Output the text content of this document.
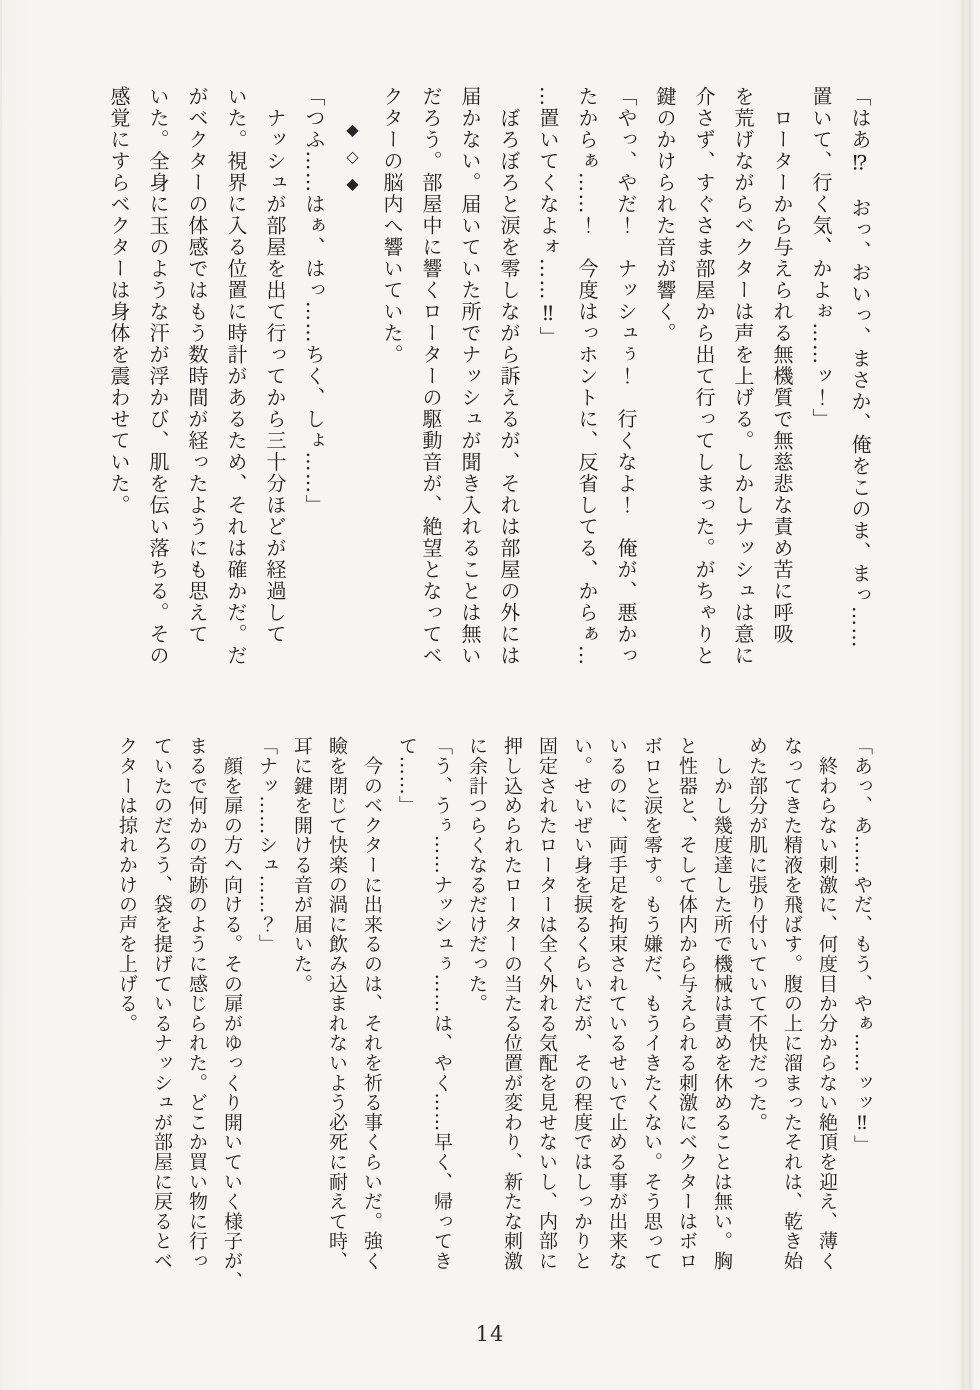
「はあ⁉　おっ、おいっ、まさか、俺をこのま、まっ……

置いて、行く気、かよぉ……ッ！」

　ローターから与えられる無機質で無慈悲な責め苦に呼吸

を荒げながらベクターは声を上げる。しかしナッシュは意に

介さず、すぐさま部屋から出て行ってしまった。がちゃりと

鍵のかけられた音が響く。

「やっ、やだ！　ナッシュぅ！　行くなよ！　俺が、悪かっ

たからぁ……！　今度はっホントに、反省してる、からぁ…

…置いてくなよォ……‼」

　ぼろぼろと涙を零しながら訴えるが、それは部屋の外には

届かない。届いていた所でナッシュが聞き入れることは無い

だろう。部屋中に響くローターの駆動音が、絶望となってベ

クターの脳内へ響いていた。

◆◇◆

「つふ……はぁ、はっ……ちく、しょ……」

　ナッシュが部屋を出て行ってから三十分ほどが経過して

いた。視界に入る位置に時計があるため、それは確かだ。だ

がベクターの体感ではもう数時間が経ったようにも思えて

いた。全身に玉のような汗が浮かび、肌を伝い落ちる。その

感覚にすらベクターは身体を震わせていた。

「あっ、あ……やだ、もう、やぁ……ッッ‼」

　終わらない刺激に、何度目か分からない絶頂を迎え、薄く

なってきた精液を飛ばす。腹の上に溜まったそれは、乾き始

めた部分が肌に張り付いていて不快だった。

　しかし幾度達した所で機械は責めを休めることは無い。胸

と性器と、そして体内から与えられる刺激にベクターはボロ

ボロと涙を零す。もう嫌だ、もうイきたくない。そう思って

いるのに、両手足を拘束されているせいで止める事が出来な

い。せいぜい身を捩るくらいだが、その程度ではしっかりと

固定されたローターは全く外れる気配を見せないし、内部に

押し込められたローターの当たる位置が変わり、新たな刺激

に余計つらくなるだけだった。

「う、うぅ……ナッシュぅ……は、やく……早く、帰ってき

て……」

　今のベクターに出来るのは、それを祈る事くらいだ。強く

瞼を閉じて快楽の渦に飲み込まれないよう必死に耐えて時、

耳に鍵を開ける音が届いた。

「ナッ……シュ……？」

　顔を扉の方へ向ける。その扉がゆっくり開いていく様子が、

まるで何かの奇跡のように感じられた。どこか買い物に行っ

ていたのだろう、袋を提げているナッシュが部屋に戻るとベ

クターは掠れかけの声を上げる。

14
